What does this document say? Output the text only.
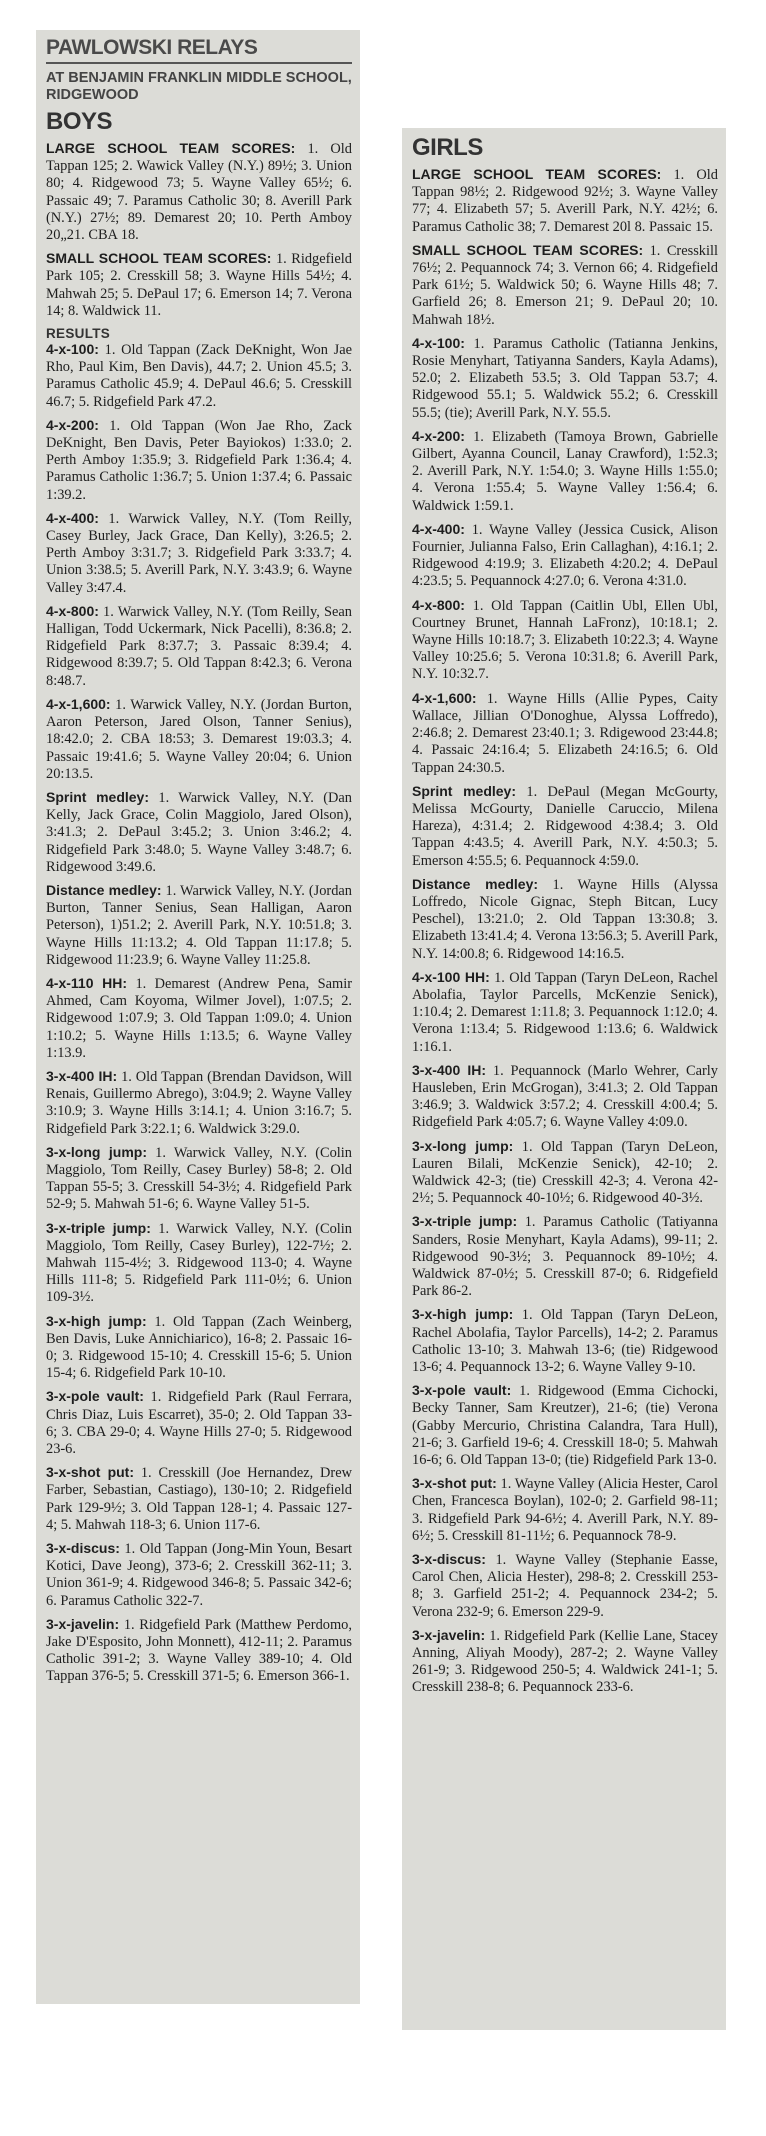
PAWLOWSKI RELAYS
AT BENJAMIN FRANKLIN MIDDLE SCHOOL, RIDGEWOOD
BOYS

LARGE SCHOOL TEAM SCORES: 1. Old Tappan 125; 2. Wawick Valley (N.Y.) 89½; 3. Union 80; 4. Ridgewood 73; 5. Wayne Valley 65½; 6. Passaic 49; 7. Paramus Catholic 30; 8. Averill Park (N.Y.) 27½; 89. Demarest 20; 10. Perth Amboy 20„21. CBA 18.

SMALL SCHOOL TEAM SCORES: 1. Ridgefield Park 105; 2. Cresskill 58; 3. Wayne Hills 54½; 4. Mahwah 25; 5. DePaul 17; 6. Emerson 14; 7. Verona 14; 8. Waldwick 11.

RESULTS

4-x-100: 1. Old Tappan (Zack DeKnight, Won Jae Rho, Paul Kim, Ben Davis), 44.7; 2. Union 45.5; 3. Paramus Catholic 45.9; 4. DePaul 46.6; 5. Cresskill 46.7; 5. Ridgefield Park 47.2.

4-x-200: 1. Old Tappan (Won Jae Rho, Zack DeKnight, Ben Davis, Peter Bayiokos) 1:33.0; 2. Perth Amboy 1:35.9; 3. Ridgefield Park 1:36.4; 4. Paramus Catholic 1:36.7; 5. Union 1:37.4; 6. Passaic 1:39.2.

4-x-400: 1. Warwick Valley, N.Y. (Tom Reilly, Casey Burley, Jack Grace, Dan Kelly), 3:26.5; 2. Perth Amboy 3:31.7; 3. Ridgefield Park 3:33.7; 4. Union 3:38.5; 5. Averill Park, N.Y. 3:43.9; 6. Wayne Valley 3:47.4.

4-x-800: 1. Warwick Valley, N.Y. (Tom Reilly, Sean Halligan, Todd Uckermark, Nick Pacelli), 8:36.8; 2. Ridgefield Park 8:37.7; 3. Passaic 8:39.4; 4. Ridgewood 8:39.7; 5. Old Tappan 8:42.3; 6. Verona 8:48.7.

4-x-1,600: 1. Warwick Valley, N.Y. (Jordan Burton, Aaron Peterson, Jared Olson, Tanner Senius), 18:42.0; 2. CBA 18:53; 3. Demarest 19:03.3; 4. Passaic 19:41.6; 5. Wayne Valley 20:04; 6. Union 20:13.5.

Sprint medley: 1. Warwick Valley, N.Y. (Dan Kelly, Jack Grace, Colin Maggiolo, Jared Olson), 3:41.3; 2. DePaul 3:45.2; 3. Union 3:46.2; 4. Ridgefield Park 3:48.0; 5. Wayne Valley 3:48.7; 6. Ridgewood 3:49.6.

Distance medley: 1. Warwick Valley, N.Y. (Jordan Burton, Tanner Senius, Sean Halligan, Aaron Peterson), 1)51.2; 2. Averill Park, N.Y. 10:51.8; 3. Wayne Hills 11:13.2; 4. Old Tappan 11:17.8; 5. Ridgewood 11:23.9; 6. Wayne Valley 11:25.8.

4-x-110 HH: 1. Demarest (Andrew Pena, Samir Ahmed, Cam Koyoma, Wilmer Jovel), 1:07.5; 2. Ridgewood 1:07.9; 3. Old Tappan 1:09.0; 4. Union 1:10.2; 5. Wayne Hills 1:13.5; 6. Wayne Valley 1:13.9.

3-x-400 IH: 1. Old Tappan (Brendan Davidson, Will Renais, Guillermo Abrego), 3:04.9; 2. Wayne Valley 3:10.9; 3. Wayne Hills 3:14.1; 4. Union 3:16.7; 5. Ridgefield Park 3:22.1; 6. Waldwick 3:29.0.

3-x-long jump: 1. Warwick Valley, N.Y. (Colin Maggiolo, Tom Reilly, Casey Burley) 58-8; 2. Old Tappan 55-5; 3. Cresskill 54-3½; 4. Ridgefield Park 52-9; 5. Mahwah 51-6; 6. Wayne Valley 51-5.

3-x-triple jump: 1. Warwick Valley, N.Y. (Colin Maggiolo, Tom Reilly, Casey Burley), 122-7½; 2. Mahwah 115-4½; 3. Ridgewood 113-0; 4. Wayne Hills 111-8; 5. Ridgefield Park 111-0½; 6. Union 109-3½.

3-x-high jump: 1. Old Tappan (Zach Weinberg, Ben Davis, Luke Annichiarico), 16-8; 2. Passaic 16-0; 3. Ridgewood 15-10; 4. Cresskill 15-6; 5. Union 15-4; 6. Ridgefield Park 10-10.

3-x-pole vault: 1. Ridgefield Park (Raul Ferrara, Chris Diaz, Luis Escarret), 35-0; 2. Old Tappan 33-6; 3. CBA 29-0; 4. Wayne Hills 27-0; 5. Ridgewood 23-6.

3-x-shot put: 1. Cresskill (Joe Hernandez, Drew Farber, Sebastian, Castiago), 130-10; 2. Ridgefield Park 129-9½; 3. Old Tappan 128-1; 4. Passaic 127-4; 5. Mahwah 118-3; 6. Union 117-6.

3-x-discus: 1. Old Tappan (Jong-Min Youn, Besart Kotici, Dave Jeong), 373-6; 2. Cresskill 362-11; 3. Union 361-9; 4. Ridgewood 346-8; 5. Passaic 342-6; 6. Paramus Catholic 322-7.

3-x-javelin: 1. Ridgefield Park (Matthew Perdomo, Jake D'Esposito, John Monnett), 412-11; 2. Paramus Catholic 391-2; 3. Wayne Valley 389-10; 4. Old Tappan 376-5; 5. Cresskill 371-5; 6. Emerson 366-1.

GIRLS

LARGE SCHOOL TEAM SCORES: 1. Old Tappan 98½; 2. Ridgewood 92½; 3. Wayne Valley 77; 4. Elizabeth 57; 5. Averill Park, N.Y. 42½; 6. Paramus Catholic 38; 7. Demarest 20l 8. Passaic 15.

SMALL SCHOOL TEAM SCORES: 1. Cresskill 76½; 2. Pequannock 74; 3. Vernon 66; 4. Ridgefield Park 61½; 5. Waldwick 50; 6. Wayne Hills 48; 7. Garfield 26; 8. Emerson 21; 9. DePaul 20; 10. Mahwah 18½.

4-x-100: 1. Paramus Catholic (Tatianna Jenkins, Rosie Menyhart, Tatiyanna Sanders, Kayla Adams), 52.0; 2. Elizabeth 53.5; 3. Old Tappan 53.7; 4. Ridgewood 55.1; 5. Waldwick 55.2; 6. Cresskill 55.5; (tie); Averill Park, N.Y. 55.5.

4-x-200: 1. Elizabeth (Tamoya Brown, Gabrielle Gilbert, Ayanna Council, Lanay Crawford), 1:52.3; 2. Averill Park, N.Y. 1:54.0; 3. Wayne Hills 1:55.0; 4. Verona 1:55.4; 5. Wayne Valley 1:56.4; 6. Waldwick 1:59.1.

4-x-400: 1. Wayne Valley (Jessica Cusick, Alison Fournier, Julianna Falso, Erin Callaghan), 4:16.1; 2. Ridgewood 4:19.9; 3. Elizabeth 4:20.2; 4. DePaul 4:23.5; 5. Pequannock 4:27.0; 6. Verona 4:31.0.

4-x-800: 1. Old Tappan (Caitlin Ubl, Ellen Ubl, Courtney Brunet, Hannah LaFronz), 10:18.1; 2. Wayne Hills 10:18.7; 3. Elizabeth 10:22.3; 4. Wayne Valley 10:25.6; 5. Verona 10:31.8; 6. Averill Park, N.Y. 10:32.7.

4-x-1,600: 1. Wayne Hills (Allie Pypes, Caity Wallace, Jillian O'Donoghue, Alyssa Loffredo), 2:46.8; 2. Demarest 23:40.1; 3. Rdigewood 23:44.8; 4. Passaic 24:16.4; 5. Elizabeth 24:16.5; 6. Old Tappan 24:30.5.

Sprint medley: 1. DePaul (Megan McGourty, Melissa McGourty, Danielle Caruccio, Milena Hareza), 4:31.4; 2. Ridgewood 4:38.4; 3. Old Tappan 4:43.5; 4. Averill Park, N.Y. 4:50.3; 5. Emerson 4:55.5; 6. Pequannock 4:59.0.

Distance medley: 1. Wayne Hills (Alyssa Loffredo, Nicole Gignac, Steph Bitcan, Lucy Peschel), 13:21.0; 2. Old Tappan 13:30.8; 3. Elizabeth 13:41.4; 4. Verona 13:56.3; 5. Averill Park, N.Y. 14:00.8; 6. Ridgewood 14:16.5.

4-x-100 HH: 1. Old Tappan (Taryn DeLeon, Rachel Abolafia, Taylor Parcells, McKenzie Senick), 1:10.4; 2. Demarest 1:11.8; 3. Pequannock 1:12.0; 4. Verona 1:13.4; 5. Ridgewood 1:13.6; 6. Waldwick 1:16.1.

3-x-400 IH: 1. Pequannock (Marlo Wehrer, Carly Hausleben, Erin McGrogan), 3:41.3; 2. Old Tappan 3:46.9; 3. Waldwick 3:57.2; 4. Cresskill 4:00.4; 5. Ridgefield Park 4:05.7; 6. Wayne Valley 4:09.0.

3-x-long jump: 1. Old Tappan (Taryn DeLeon, Lauren Bilali, McKenzie Senick), 42-10; 2. Waldwick 42-3; (tie) Cresskill 42-3; 4. Verona 42-2½; 5. Pequannock 40-10½; 6. Ridgewood 40-3½.

3-x-triple jump: 1. Paramus Catholic (Tatiyanna Sanders, Rosie Menyhart, Kayla Adams), 99-11; 2. Ridgewood 90-3½; 3. Pequannock 89-10½; 4. Waldwick 87-0½; 5. Cresskill 87-0; 6. Ridgefield Park 86-2.

3-x-high jump: 1. Old Tappan (Taryn DeLeon, Rachel Abolafia, Taylor Parcells), 14-2; 2. Paramus Catholic 13-10; 3. Mahwah 13-6; (tie) Ridgewood 13-6; 4. Pequannock 13-2; 6. Wayne Valley 9-10.

3-x-pole vault: 1. Ridgewood (Emma Cichocki, Becky Tanner, Sam Kreutzer), 21-6; (tie) Verona (Gabby Mercurio, Christina Calandra, Tara Hull), 21-6; 3. Garfield 19-6; 4. Cresskill 18-0; 5. Mahwah 16-6; 6. Old Tappan 13-0; (tie) Ridgefield Park 13-0.

3-x-shot put: 1. Wayne Valley (Alicia Hester, Carol Chen, Francesca Boylan), 102-0; 2. Garfield 98-11; 3. Ridgefield Park 94-6½; 4. Averill Park, N.Y. 89-6½; 5. Cresskill 81-11½; 6. Pequannock 78-9.

3-x-discus: 1. Wayne Valley (Stephanie Easse, Carol Chen, Alicia Hester), 298-8; 2. Cresskill 253-8; 3. Garfield 251-2; 4. Pequannock 234-2; 5. Verona 232-9; 6. Emerson 229-9.

3-x-javelin: 1. Ridgefield Park (Kellie Lane, Stacey Anning, Aliyah Moody), 287-2; 2. Wayne Valley 261-9; 3. Ridgewood 250-5; 4. Waldwick 241-1; 5. Cresskill 238-8; 6. Pequannock 233-6.
